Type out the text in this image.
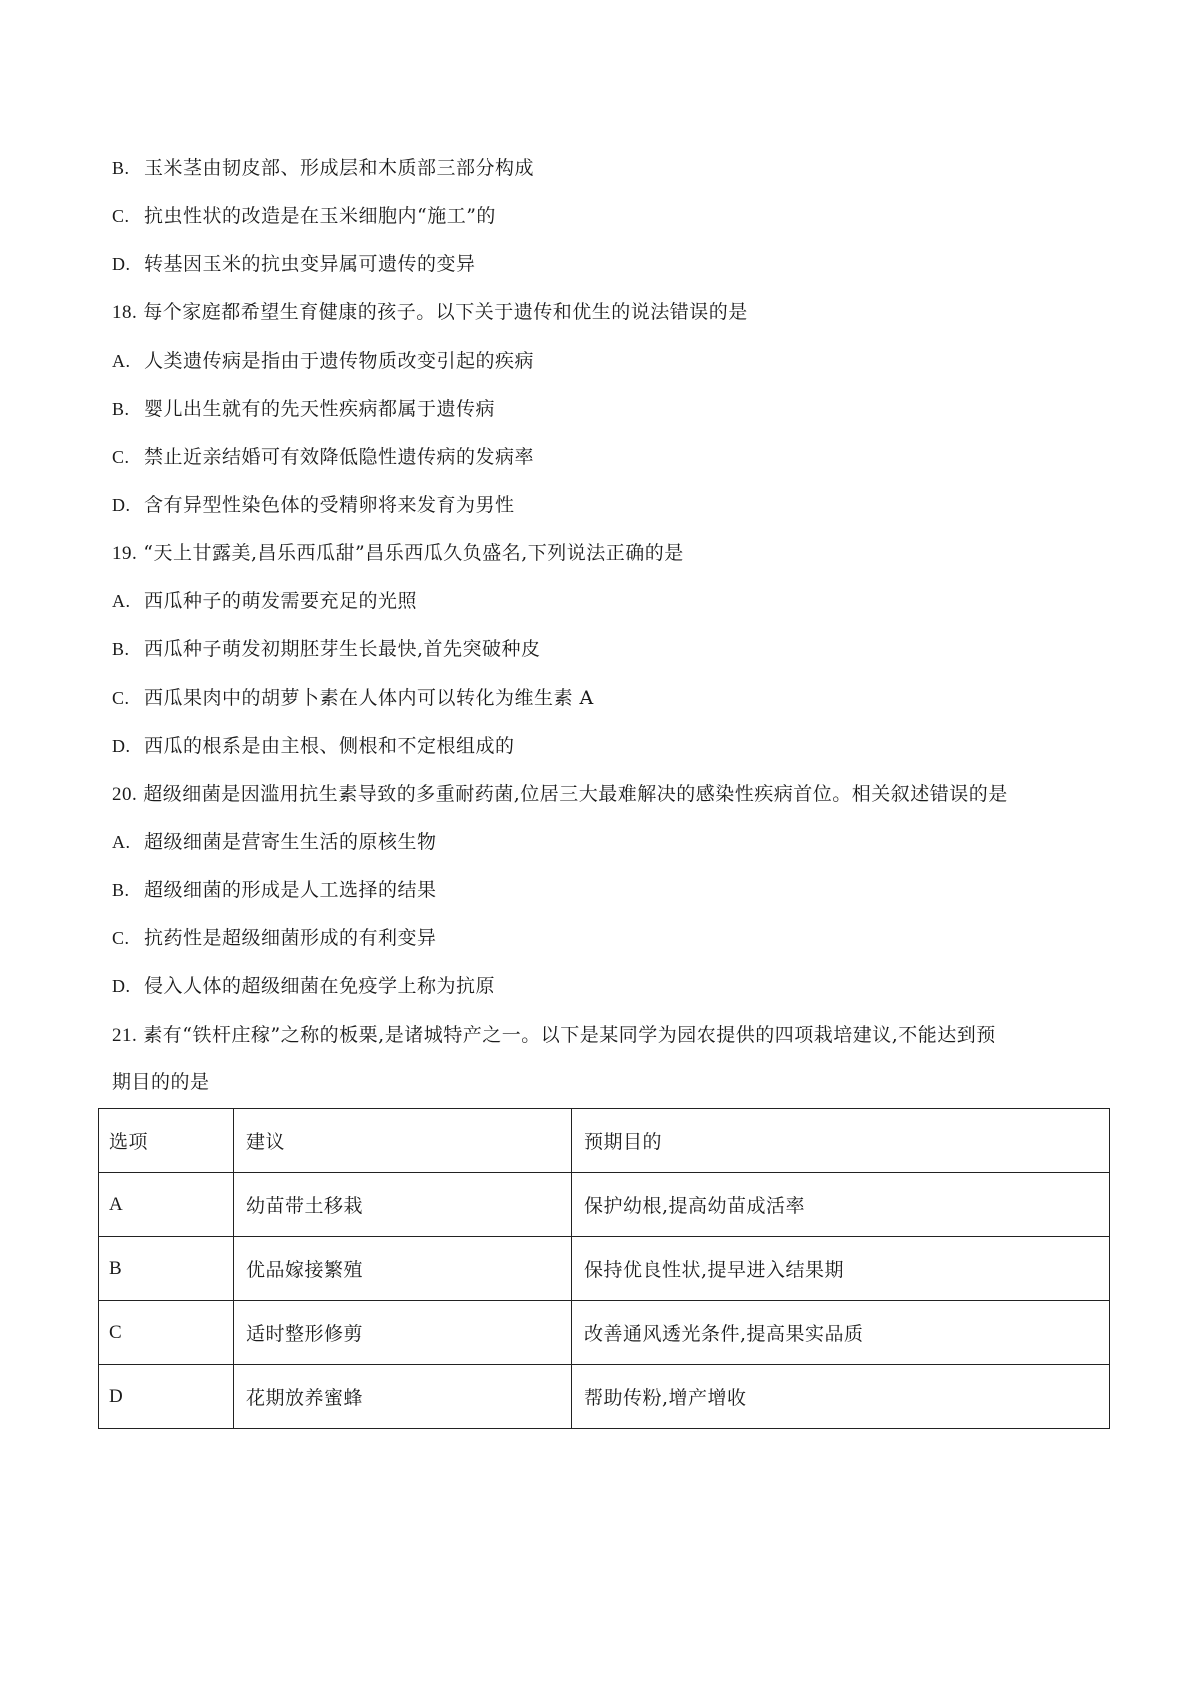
B. 玉米茎由韧皮部、形成层和木质部三部分构成
C. 抗虫性状的改造是在玉米细胞内“施工”的
D. 转基因玉米的抗虫变异属可遗传的变异
18. 每个家庭都希望生育健康的孩子。以下关于遗传和优生的说法错误的是
A. 人类遗传病是指由于遗传物质改变引起的疾病
B. 婴儿出生就有的先天性疾病都属于遗传病
C. 禁止近亲结婚可有效降低隐性遗传病的发病率
D. 含有异型性染色体的受精卵将来发育为男性
19. “天上甘露美,昌乐西瓜甜”昌乐西瓜久负盛名,下列说法正确的是
A. 西瓜种子的萌发需要充足的光照
B. 西瓜种子萌发初期胚芽生长最快,首先突破种皮
C. 西瓜果肉中的胡萝卜素在人体内可以转化为维生素 A
D. 西瓜的根系是由主根、侧根和不定根组成的
20. 超级细菌是因滥用抗生素导致的多重耐药菌,位居三大最难解决的感染性疾病首位。相关叙述错误的是
A. 超级细菌是营寄生生活的原核生物
B. 超级细菌的形成是人工选择的结果
C. 抗药性是超级细菌形成的有利变异
D. 侵入人体的超级细菌在免疫学上称为抗原
21. 素有“铁杆庄稼”之称的板栗,是诸城特产之一。以下是某同学为园农提供的四项栽培建议,不能达到预
期目的的是
选项	建议	预期目的
A	幼苗带土移栽	保护幼根,提高幼苗成活率
B	优品嫁接繁殖	保持优良性状,提早进入结果期
C	适时整形修剪	改善通风透光条件,提高果实品质
D	花期放养蜜蜂	帮助传粉,增产增收
